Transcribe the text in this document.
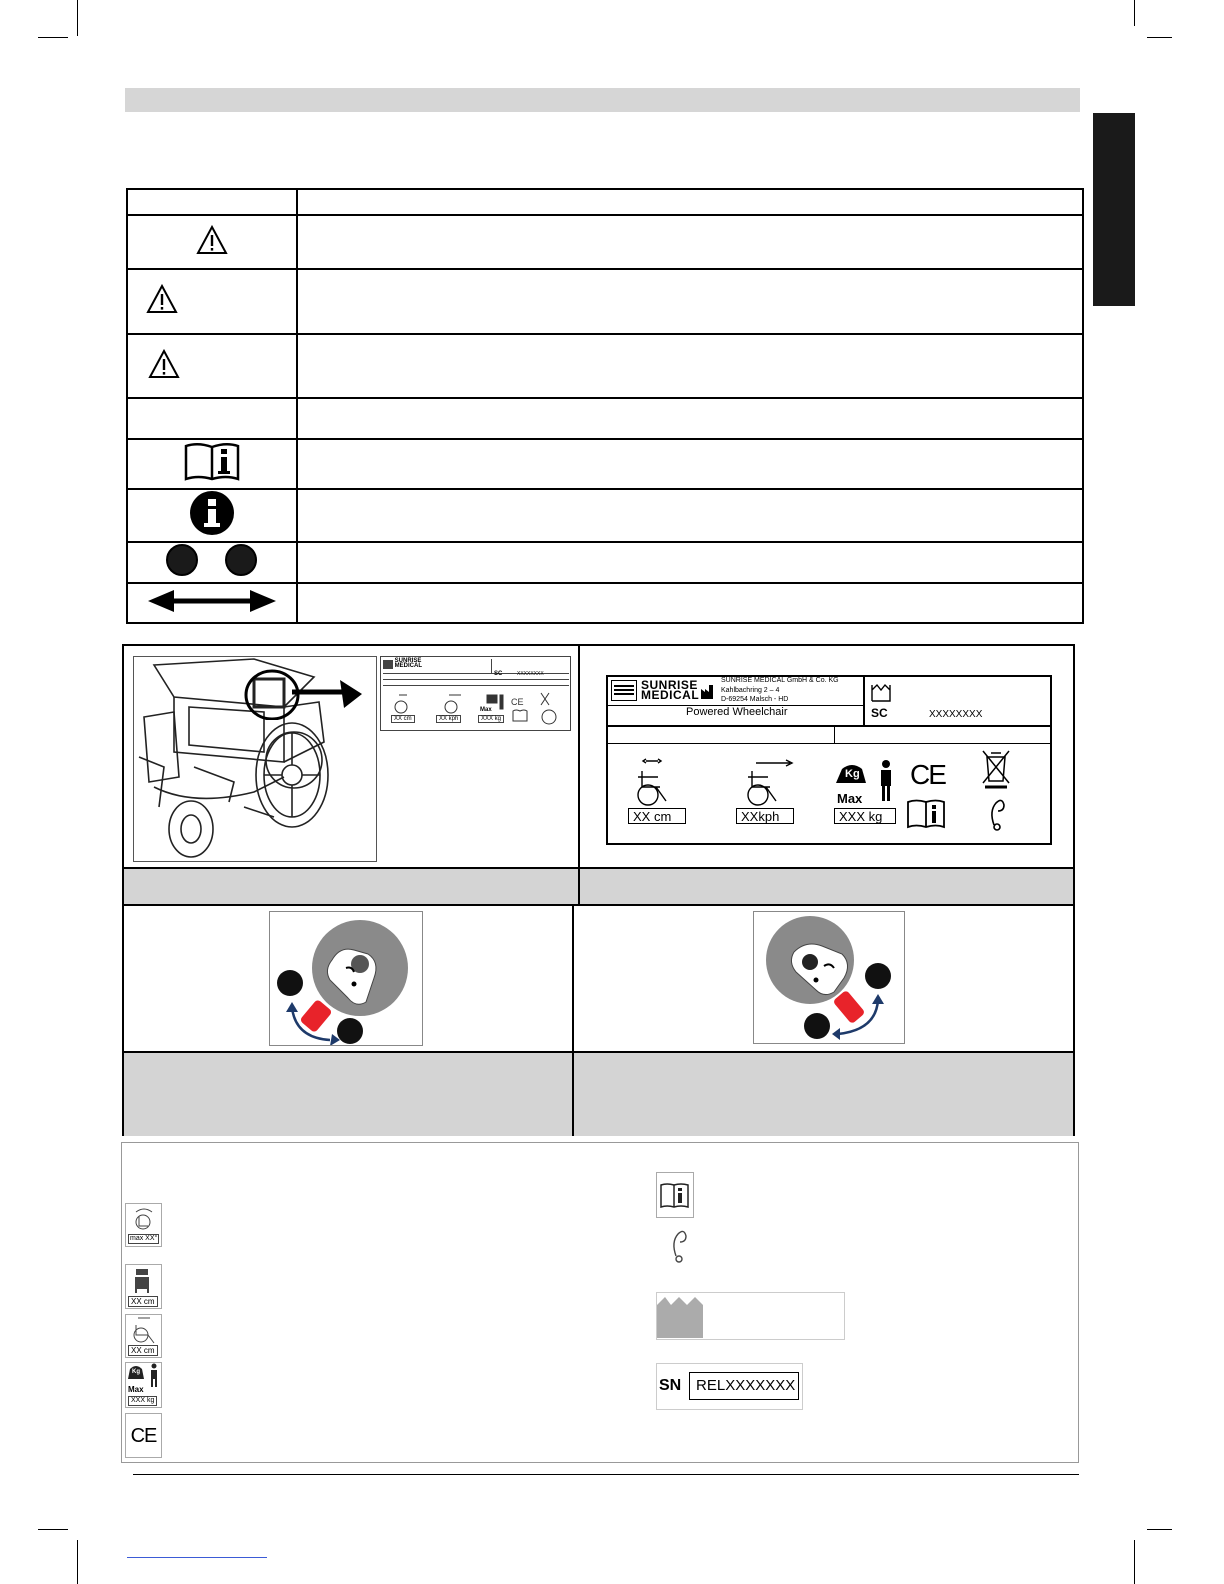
SUNRISE
MEDICAL
SC	XXXXXXXX
XX cm	XX kph
Max
XXX kg
CE
SUNRISE
MEDICAL
SUNRISE MEDICAL GmbH & Co. KG
Kahlbachring 2 – 4
D-69254 Malsch - HD
Powered Wheelchair	SC	XXXXXXXX
XX cm	XXkph
Kg
Max
XXX kg
CE
max XX°
XX cm
XX cm
Kg
Max
XXX kg
CE
SN RELXXXXXXX
